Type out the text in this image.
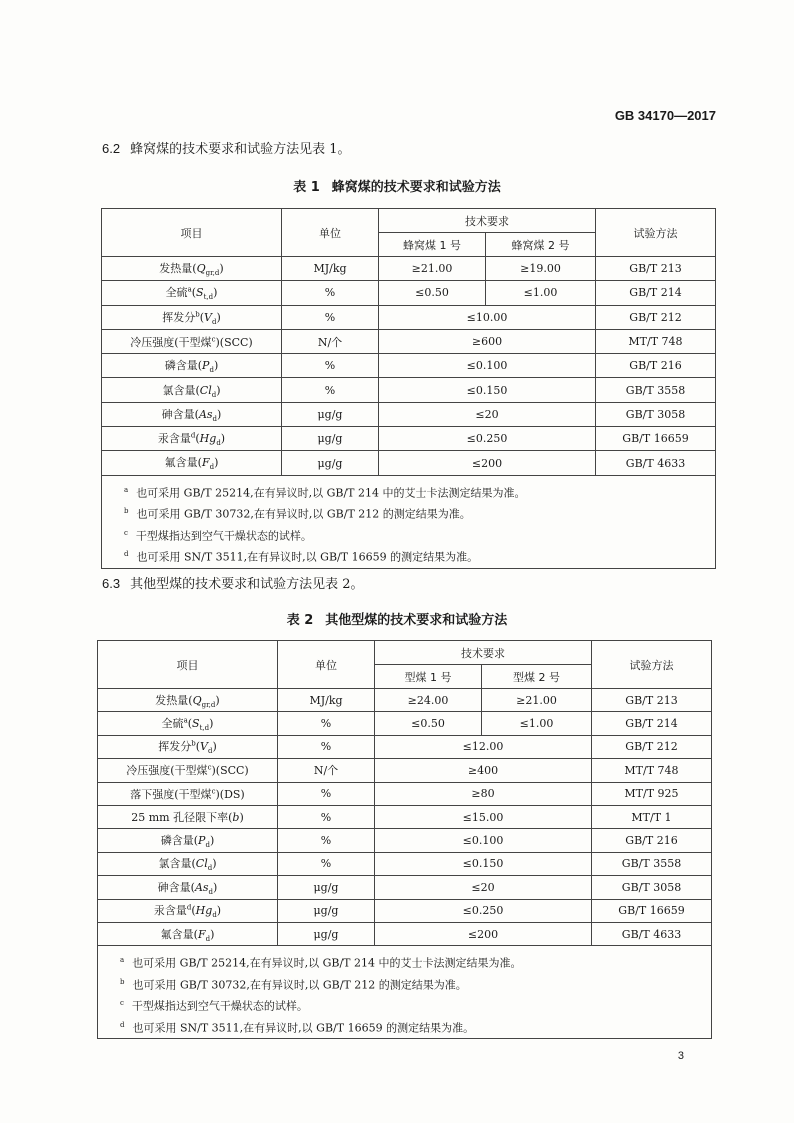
GB 34170—2017
6.2 蜂窝煤的技术要求和试验方法见表 1。
表 1 蜂窝煤的技术要求和试验方法
项目	单位	技术要求		试验方法
		蜂窝煤 1 号	蜂窝煤 2 号	
发热量$(Q_{gr,d})$	MJ/kg	≥21.00	≥19.00	GB/T 213
全硫$^a(S_{t,d})$	%	≤0.50	≤1.00	GB/T 214
挥发分$^b(V_d)$	%	≤10.00		GB/T 212
冷压强度(干型煤$^c$)(SCC)	N/个	≥600		MT/T 748
磷含量$(P_d)$	%	≤0.100		GB/T 216
氯含量$(Cl_d)$	%	≤0.150		GB/T 3558
砷含量$(As_d)$	μg/g	≤20		GB/T 3058
汞含量$^d(Hg_d)$	μg/g	≤0.250		GB/T 16659
氟含量$(F_d)$	μg/g	≤200		GB/T 4633

$^a$ 也可采用 GB/T 25214,在有异议时,以 GB/T 214 中的艾士卡法测定结果为准。
$^b$ 也可采用 GB/T 30732,在有异议时,以 GB/T 212 的测定结果为准。
$^c$ 干型煤指达到空气干燥状态的试样。
$^d$ 也可采用 SN/T 3511,在有异议时,以 GB/T 16659 的测定结果为准。				
6.3 其他型煤的技术要求和试验方法见表 2。
表 2 其他型煤的技术要求和试验方法
项目	单位	技术要求		试验方法
		型煤 1 号	型煤 2 号	
发热量$(Q_{gr,d})$	MJ/kg	≥24.00	≥21.00	GB/T 213
全硫$^a(S_{t,d})$	%	≤0.50	≤1.00	GB/T 214
挥发分$^b(V_d)$	%	≤12.00		GB/T 212
冷压强度(干型煤$^c$)(SCC)	N/个	≥400		MT/T 748
落下强度(干型煤$^c$)(DS)	%	≥80		MT/T 925
25 mm 孔径限下率(b)	%	≤15.00		MT/T 1
磷含量$(P_d)$	%	≤0.100		GB/T 216
氯含量$(Cl_d)$	%	≤0.150		GB/T 3558
砷含量$(As_d)$	μg/g	≤20		GB/T 3058
汞含量$^d(Hg_d)$	μg/g	≤0.250		GB/T 16659
氟含量$(F_d)$	μg/g	≤200		GB/T 4633

$^a$ 也可采用 GB/T 25214,在有异议时,以 GB/T 214 中的艾士卡法测定结果为准。
$^b$ 也可采用 GB/T 30732,在有异议时,以 GB/T 212 的测定结果为准。
$^c$ 干型煤指达到空气干燥状态的试样。
$^d$ 也可采用 SN/T 3511,在有异议时,以 GB/T 16659 的测定结果为准。				
3
